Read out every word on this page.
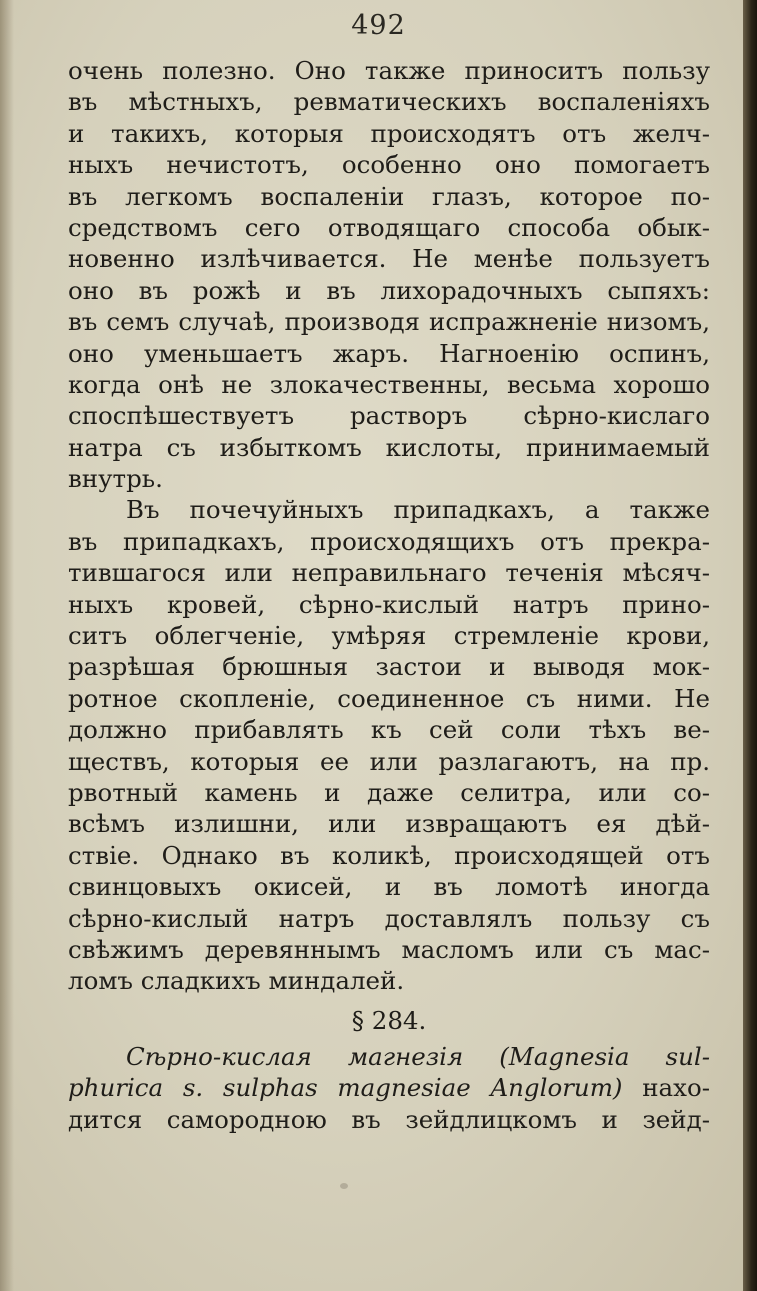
492
очень полезно. Оно также приноситъ пользу
въ мѣстныхъ, ревматическихъ воспаленiяхъ
и такихъ, которыя происходятъ отъ желч-
ныхъ нечистотъ, особенно оно помогаетъ
въ легкомъ воспаленiи глазъ, которое по-
средствомъ сего отводящаго способа обык-
новенно излѣчивается. Не менѣе пользуетъ
оно въ рожѣ и въ лихорадочныхъ сыпяхъ:
въ семъ случаѣ, производя испражненiе низомъ,
оно уменьшаетъ жаръ. Нагноенiю оспинъ,
когда онѣ не злокачественны, весьма хорошо
споспѣшествуетъ растворъ сѣрно-кислаго
натра съ избыткомъ кислоты, принимаемый
внутрь.
Въ почечуйныхъ припадкахъ, а также
въ припадкахъ, происходящихъ отъ прекра-
тившагося или неправильнаго теченiя мѣсяч-
ныхъ кровей, сѣрно-кислый натръ прино-
ситъ облегченiе, умѣряя стремленiе крови,
разрѣшая брюшныя застои и выводя мок-
ротное скопленiе, соединенное съ ними. Не
должно прибавлять къ сей соли тѣхъ ве-
ществъ, которыя ее или разлагаютъ, на пр.
рвотный камень и даже селитра, или со-
всѣмъ излишни, или извращаютъ ея дѣй-
ствiе. Однако въ коликѣ, происходящей отъ
свинцовыхъ окисей, и въ ломотѣ иногда
сѣрно-кислый натръ доставлялъ пользу съ
свѣжимъ деревяннымъ масломъ или съ мас-
ломъ сладкихъ миндалей.
§ 284.
Сѣрно-кислая магнезiя (Magnesia sul-
phurica s. sulphas magnesiae Anglorum) нахо-
дится самородною въ зейдлицкомъ и зейд-
